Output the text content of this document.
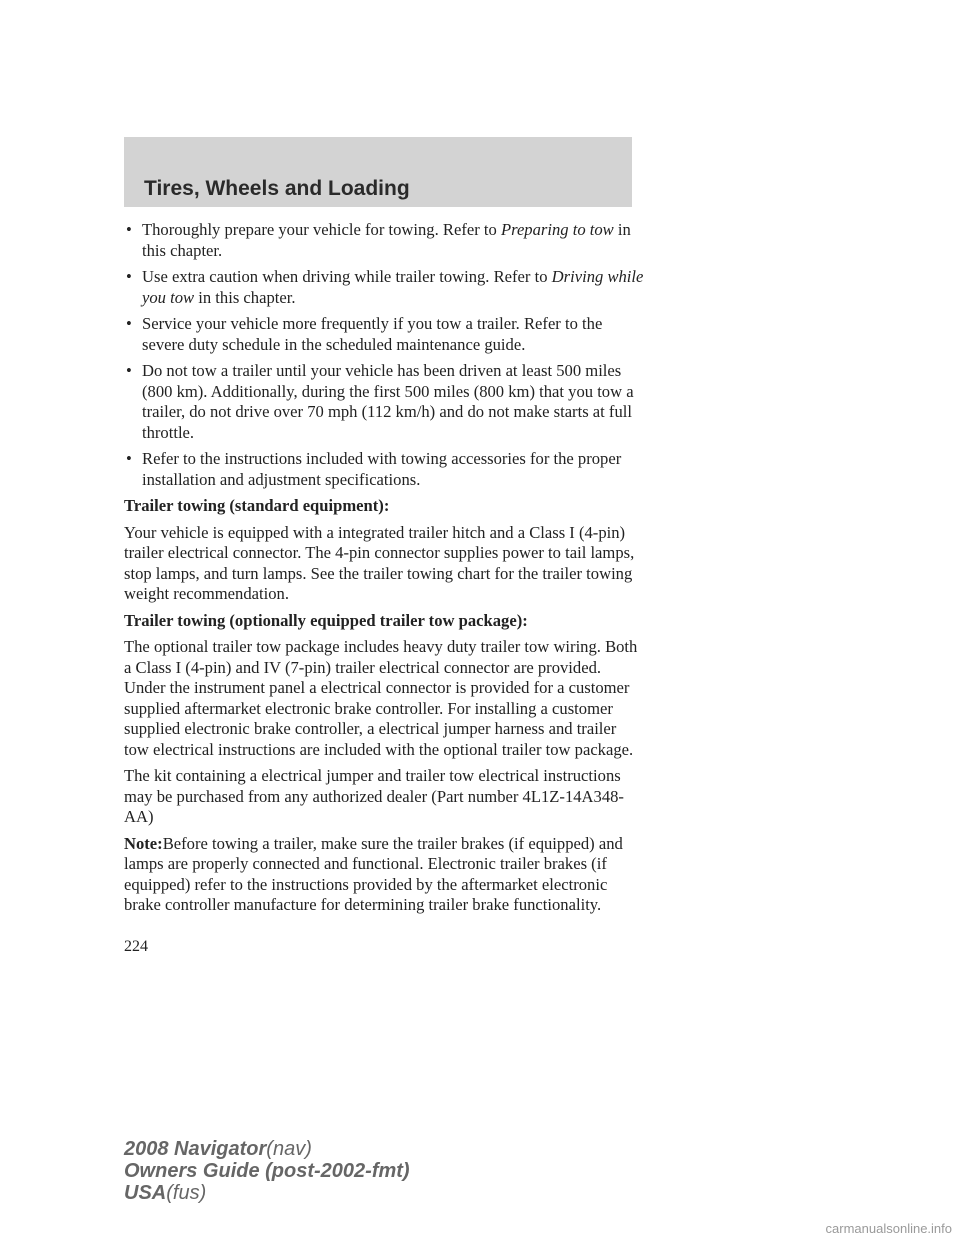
Tires, Wheels and Loading
• Thoroughly prepare your vehicle for towing. Refer to Preparing to tow in this chapter.
• Use extra caution when driving while trailer towing. Refer to Driving while you tow in this chapter.
• Service your vehicle more frequently if you tow a trailer. Refer to the severe duty schedule in the scheduled maintenance guide.
• Do not tow a trailer until your vehicle has been driven at least 500 miles (800 km). Additionally, during the first 500 miles (800 km) that you tow a trailer, do not drive over 70 mph (112 km/h) and do not make starts at full throttle.
• Refer to the instructions included with towing accessories for the proper installation and adjustment specifications.

Trailer towing (standard equipment):

Your vehicle is equipped with a integrated trailer hitch and a Class I (4-pin) trailer electrical connector. The 4-pin connector supplies power to tail lamps, stop lamps, and turn lamps. See the trailer towing chart for the trailer towing weight recommendation.

Trailer towing (optionally equipped trailer tow package):

The optional trailer tow package includes heavy duty trailer tow wiring. Both a Class I (4-pin) and IV (7-pin) trailer electrical connector are provided. Under the instrument panel a electrical connector is provided for a customer supplied aftermarket electronic brake controller. For installing a customer supplied electronic brake controller, a electrical jumper harness and trailer tow electrical instructions are included with the optional trailer tow package.

The kit containing a electrical jumper and trailer tow electrical instructions may be purchased from any authorized dealer (Part number 4L1Z-14A348-AA)

Note:Before towing a trailer, make sure the trailer brakes (if equipped) and lamps are properly connected and functional. Electronic trailer brakes (if equipped) refer to the instructions provided by the aftermarket electronic brake controller manufacture for determining trailer brake functionality.

224
2008 Navigator(nav)
Owners Guide (post-2002-fmt)
USA(fus)
carmanualsonline.info
